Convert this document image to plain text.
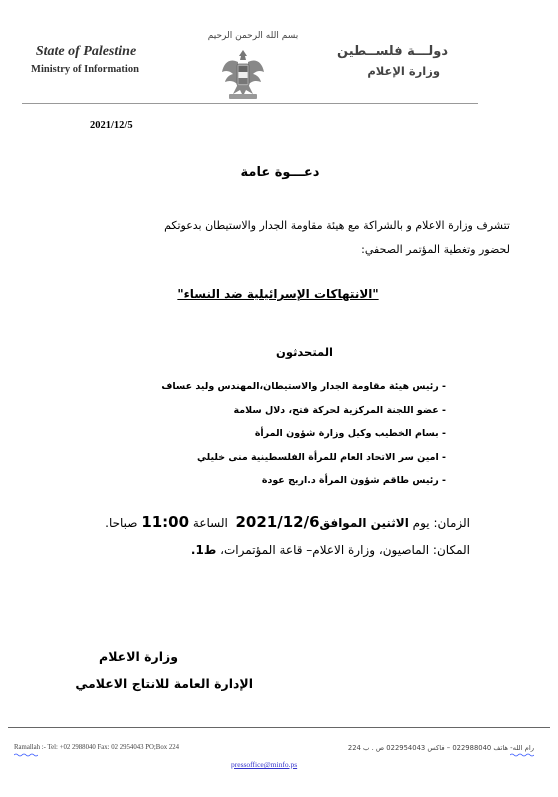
State of Palestine
Ministry of Information
بسم الله الرحمن الرحيم
دولـــة فلســطين
وزارة الإعلام
2021/12/5
دعـــوة عامة
تتشرف وزارة الاعلام و بالشراكة مع هيئة مقاومة الجدار والاستيطان بدعوتكم
لحضور وتغطية المؤتمر الصحفي:
"الانتهاكات الإسرائيلية ضد النساء"
المتحدثون
- رئيس هيئة مقاومة الجدار والاستيطان،المهندس وليد عساف
- عضو اللجنة المركزية لحركة فتح، دلال سلامة
- بسام الخطيب وكيل وزارة شؤون المرأة
- امين سر الاتحاد العام للمرأة الفلسطينية منى خليلي
- رئيس طاقم شؤون المرأة د.اريج عودة
الزمان: يوم الاثنين الموافق2021/12/6  الساعة 11:00 صباحا.
المكان: الماصيون، وزارة الاعلام– قاعة المؤتمرات، ط1.
وزارة الاعلام
الإدارة العامة للانتاج الاعلامي
Ramallah :- Tel: +02 2988040 Fax: 02 2954043 PO;Box 224	رام الله- هاتف 022988040 – فاكس 022954043 ص . ب 224
pressoffice@minfo.ps
